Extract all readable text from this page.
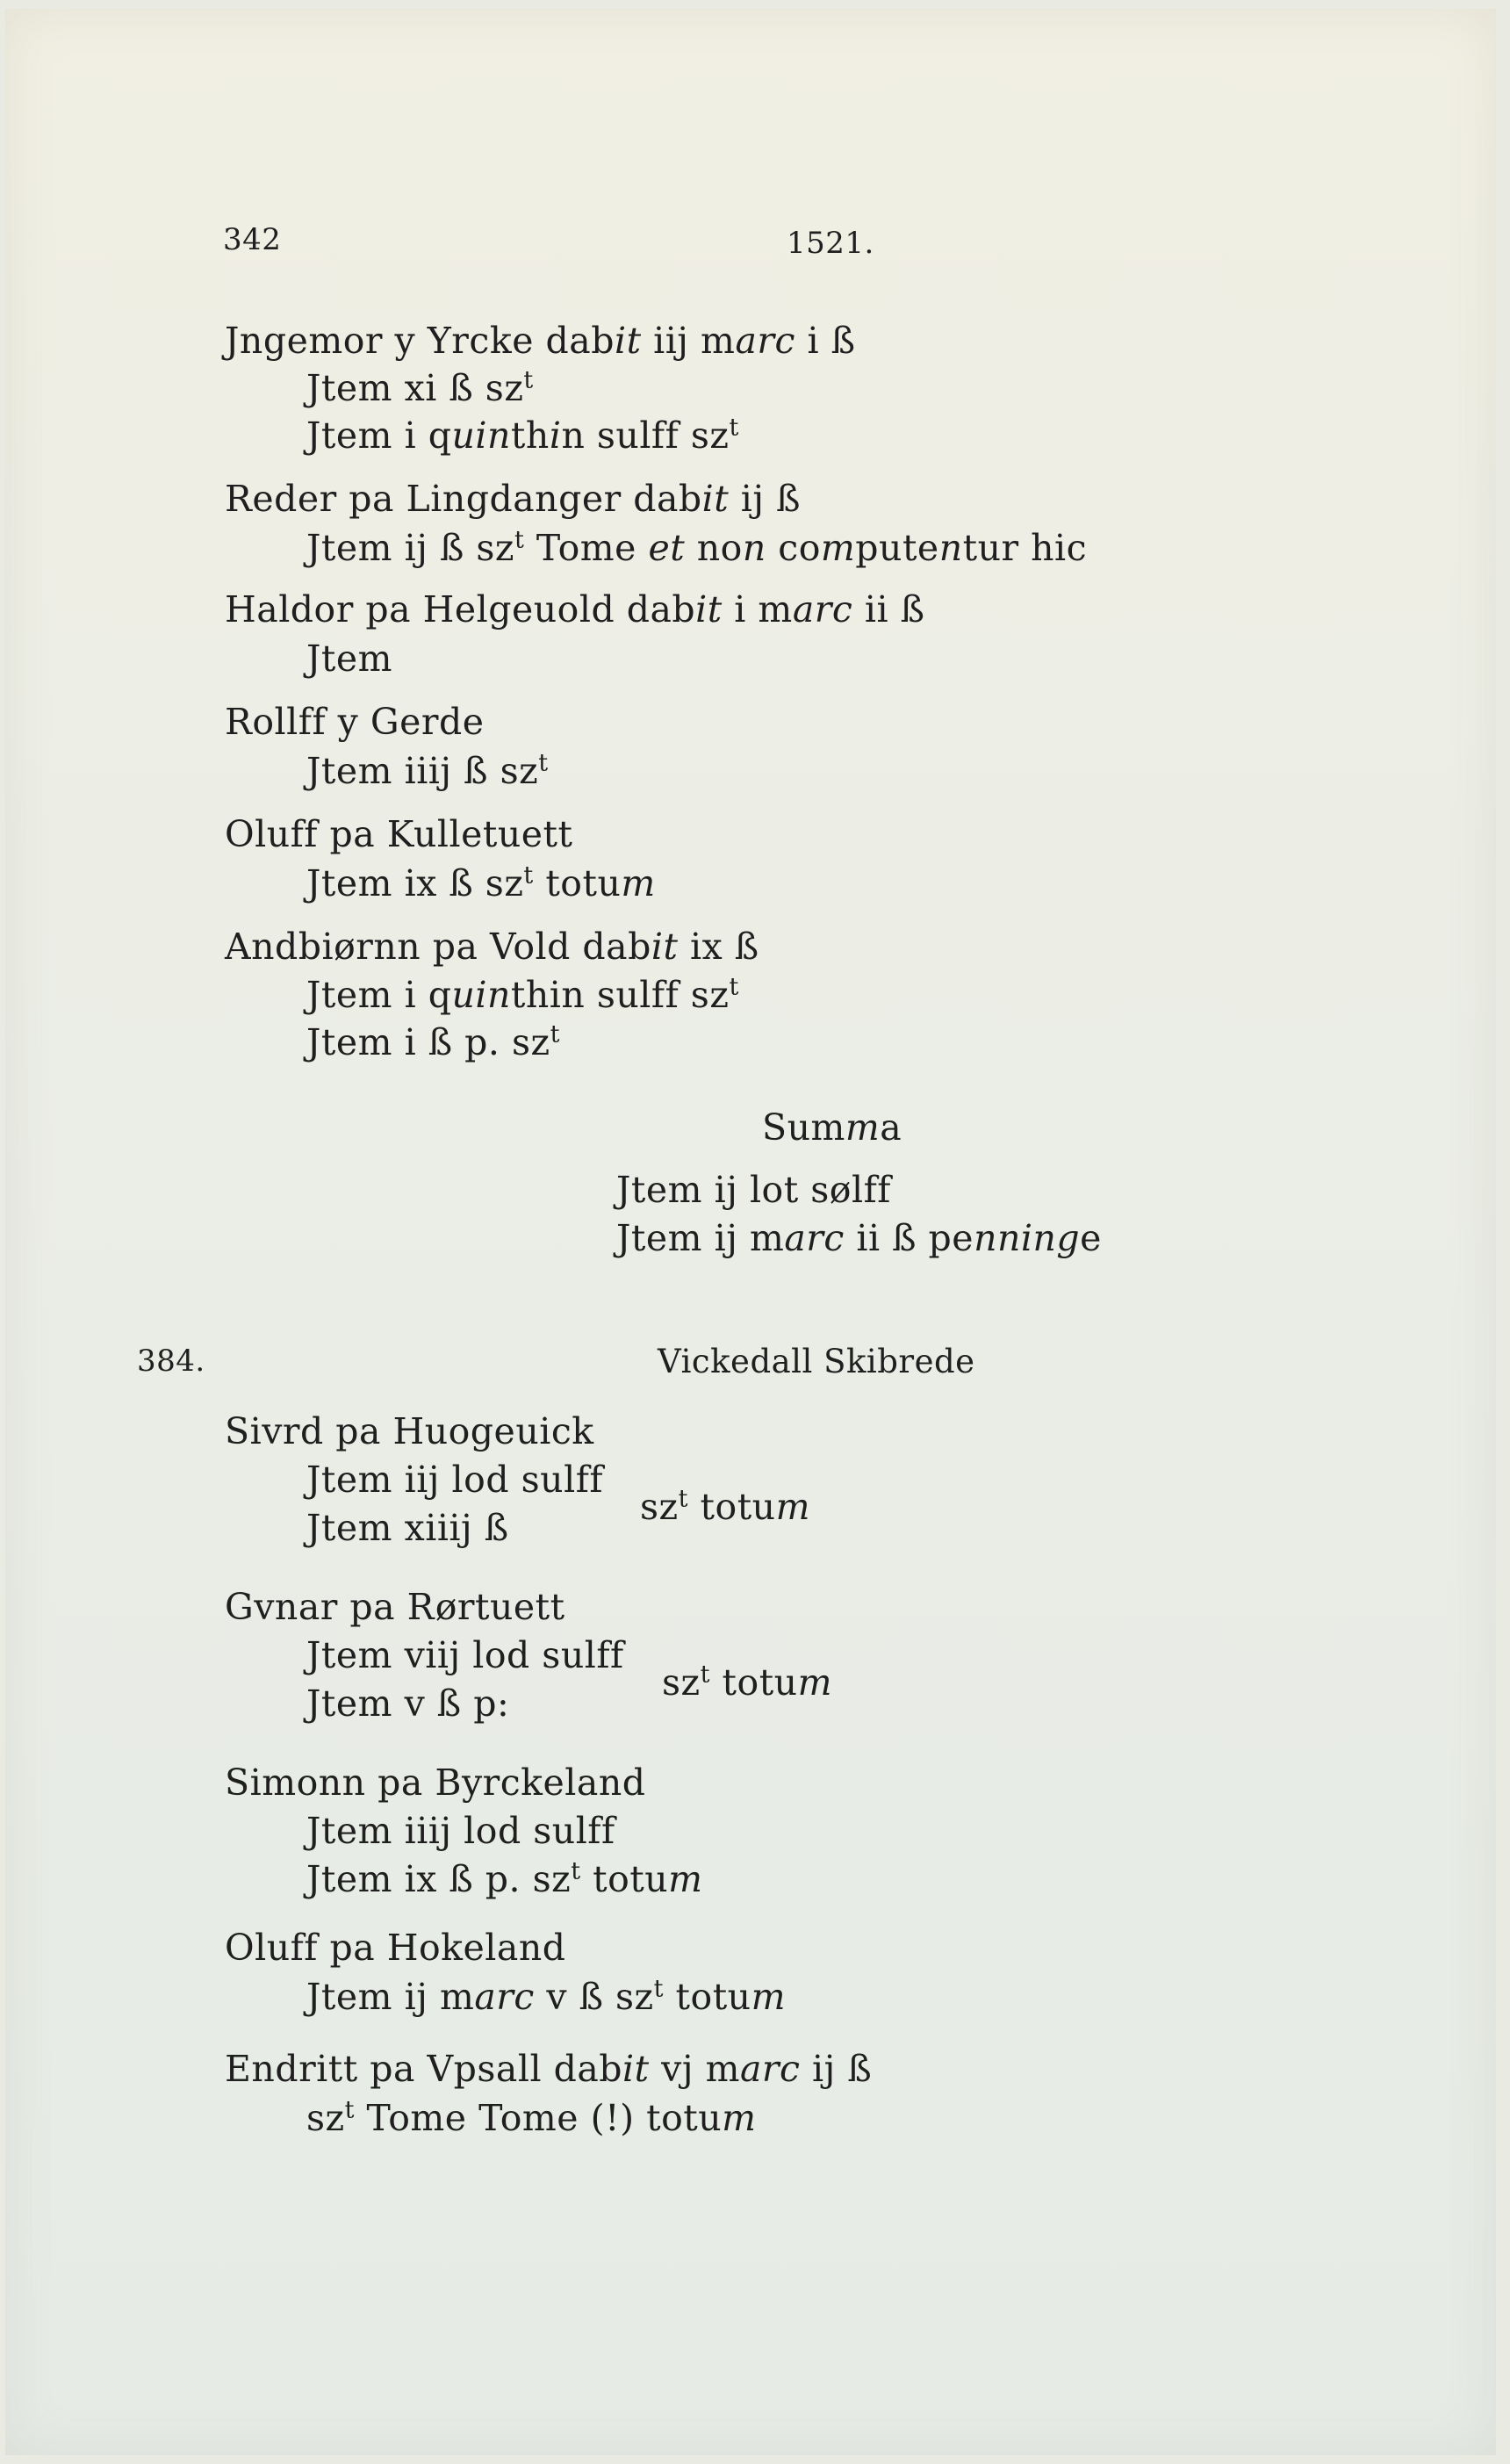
342	1521.
Jngemor y Yrcke dabit iij marc i ß
Jtem xi ß $sz^t$
Jtem i quinthin sulff $sz^t$
Reder pa Lingdanger dabit ij ß
Jtem ij ß $sz^t$ Tome et non computentur hic
Haldor pa Helgeuold dabit i marc ii ß
Jtem
Rollff y Gerde
Jtem iiij ß $sz^t$
Oluff pa Kulletuett
Jtem ix ß $sz^t$ totum
Andbiørnn pa Vold dabit ix ß
Jtem i quinthin sulff $sz^t$
Jtem i ß p. $sz^t$
Summa
Jtem ij lot sølff
Jtem ij marc ii ß penninge
384.	Vickedall Skibrede
Sivrd pa Huogeuick
Jtem iij lod sulff
Jtem xiiij ß	$sz^t$ totum
Gvnar pa Rørtuett
Jtem viij lod sulff
Jtem v ß p:	$sz^t$ totum
Simonn pa Byrckeland
Jtem iiij lod sulff
Jtem ix ß p. $sz^t$ totum
Oluff pa Hokeland
Jtem ij marc v ß $sz^t$ totum
Endritt pa Vpsall dabit vj marc ij ß
$sz^t$ Tome Tome (!) totum
